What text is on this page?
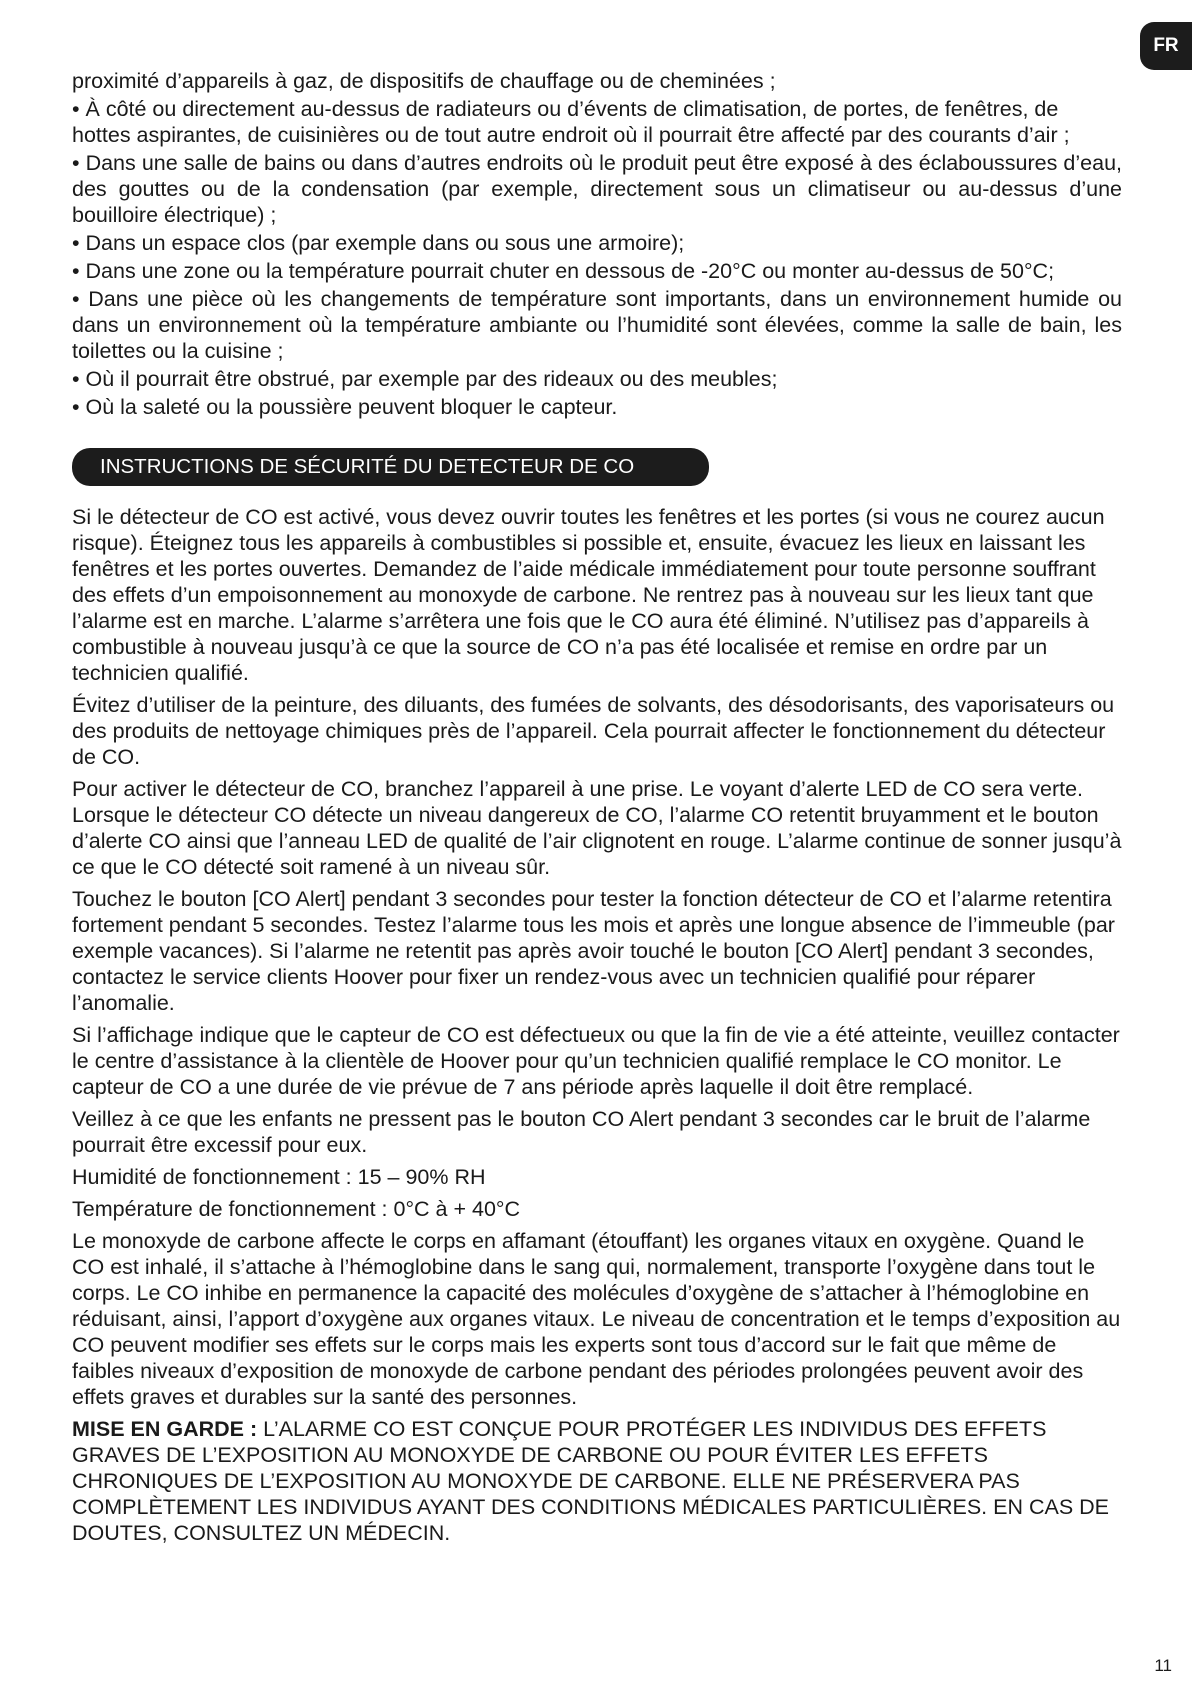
FR

proximité d’appareils à gaz, de dispositifs de chauffage ou de cheminées ;

• À côté ou directement au-dessus de radiateurs ou d’évents de climatisation, de portes, de fenêtres, de hottes aspirantes, de cuisinières ou de tout autre endroit où il pourrait être affecté par des courants d’air ;

• Dans une salle de bains ou dans d’autres endroits où le produit peut être exposé à des éclaboussures d’eau, des gouttes ou de la condensation (par exemple, directement sous un climatiseur ou au-dessus d’une bouilloire électrique) ;

• Dans un espace clos (par exemple dans ou sous une armoire);

• Dans une zone ou la température pourrait chuter en dessous de -20°C ou monter au-dessus de 50°C;

• Dans une pièce où les changements de température sont importants, dans un environnement humide ou dans un environnement où la température ambiante ou l’humidité sont élevées, comme la salle de bain, les toilettes ou la cuisine ;

• Où il pourrait être obstrué, par exemple par des rideaux ou des meubles;

• Où la saleté ou la poussière peuvent bloquer le capteur.

INSTRUCTIONS DE SÉCURITÉ DU DETECTEUR DE CO

Si le détecteur de CO est activé, vous devez ouvrir toutes les fenêtres et les portes (si vous ne courez aucun risque). Éteignez tous les appareils à combustibles si possible et, ensuite, évacuez les lieux en laissant les fenêtres et les portes ouvertes. Demandez de l’aide médicale immédiatement pour toute personne souffrant des effets d’un empoisonnement au monoxyde de carbone. Ne rentrez pas à nouveau sur les lieux tant que l’alarme est en marche. L’alarme s’arrêtera une fois que le CO aura été éliminé. N’utilisez pas d’appareils à combustible à nouveau jusqu’à ce que la source de CO n’a pas été localisée et remise en ordre par un technicien qualifié.

Évitez d’utiliser de la peinture, des diluants, des fumées de solvants, des désodorisants, des vaporisateurs ou des produits de nettoyage chimiques près de l’appareil. Cela pourrait affecter le fonctionnement du détecteur de CO.

Pour activer le détecteur de CO, branchez l’appareil à une prise. Le voyant d’alerte LED de CO sera verte. Lorsque le détecteur CO détecte un niveau dangereux de CO, l’alarme CO retentit bruyamment et le bouton d’alerte CO ainsi que l’anneau LED de qualité de l’air clignotent en rouge. L’alarme continue de sonner jusqu’à ce que le CO détecté soit ramené à un niveau sûr.

Touchez le bouton [CO Alert] pendant 3 secondes pour tester la fonction détecteur de CO et l’alarme retentira fortement pendant 5 secondes. Testez l’alarme tous les mois et après une longue absence de l’immeuble (par exemple vacances). Si l’alarme ne retentit pas après avoir touché le bouton [CO Alert] pendant 3 secondes, contactez le service clients Hoover pour fixer un rendez-vous avec un technicien qualifié pour réparer l’anomalie.

Si l’affichage indique que le capteur de CO est défectueux ou que la fin de vie a été atteinte, veuillez contacter le centre d’assistance à la clientèle de Hoover pour qu’un technicien qualifié remplace le CO monitor. Le capteur de CO a une durée de vie prévue de 7 ans période après laquelle il doit être remplacé.

Veillez à ce que les enfants ne pressent pas le bouton CO Alert pendant 3 secondes car le bruit de l’alarme pourrait être excessif pour eux.

Humidité de fonctionnement : 15 – 90% RH

Température de fonctionnement : 0°C à + 40°C

Le monoxyde de carbone affecte le corps en affamant (étouffant) les organes vitaux en oxygène. Quand le CO est inhalé, il s’attache à l’hémoglobine dans le sang qui, normalement, transporte l’oxygène dans tout le corps. Le CO inhibe en permanence la capacité des molécules d’oxygène de s’attacher à l’hémoglobine en réduisant, ainsi, l’apport d’oxygène aux organes vitaux. Le niveau de concentration et le temps d’exposition au CO peuvent modifier ses effets sur le corps mais les experts sont tous d’accord sur le fait que même de faibles niveaux d’exposition de monoxyde de carbone pendant des périodes prolongées peuvent avoir des effets graves et durables sur la santé des personnes.

MISE EN GARDE : L’ALARME CO EST CONÇUE POUR PROTÉGER LES INDIVIDUS DES EFFETS GRAVES DE L’EXPOSITION AU MONOXYDE DE CARBONE OU POUR ÉVITER LES EFFETS CHRONIQUES DE L’EXPOSITION AU MONOXYDE DE CARBONE. ELLE NE PRÉSERVERA PAS COMPLÈTEMENT LES INDIVIDUS AYANT DES CONDITIONS MÉDICALES PARTICULIÈRES. EN CAS DE DOUTES, CONSULTEZ UN MÉDECIN.

11
